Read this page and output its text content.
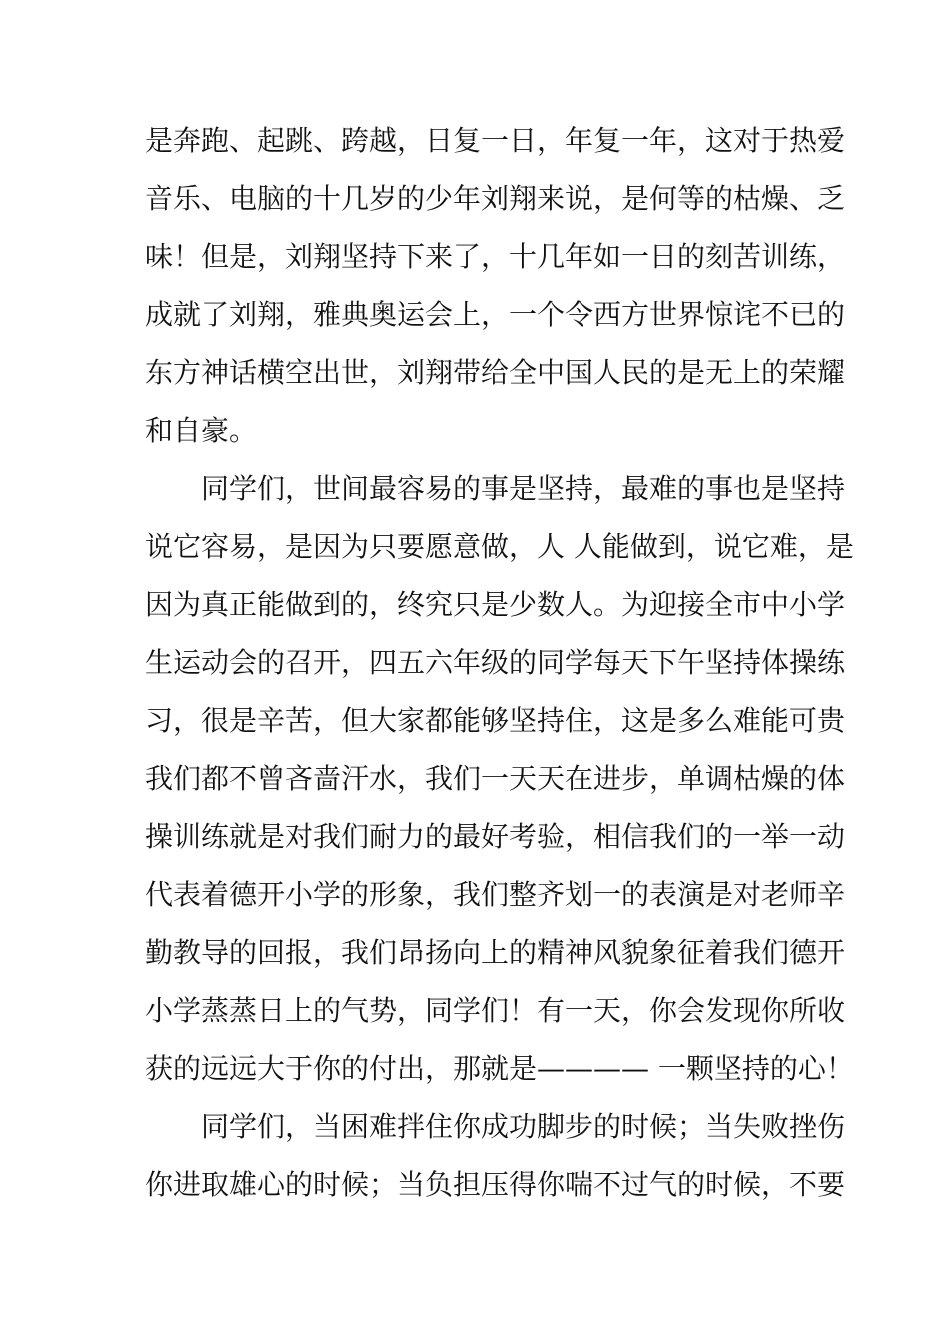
是奔跑、起跳、跨越，日复一日，年复一年，这对于热爱
音乐、电脑的十几岁的少年刘翔来说，是何等的枯燥、乏
味！但是，刘翔坚持下来了，十几年如一日的刻苦训练，
成就了刘翔，雅典奥运会上，一个令西方世界惊诧不已的
东方神话横空出世，刘翔带给全中国人民的是无上的荣耀
和自豪。
　　同学们，世间最容易的事是坚持，最难的事也是坚持
说它容易，是因为只要愿意做，人 人能做到，说它难，是
因为真正能做到的，终究只是少数人。为迎接全市中小学
生运动会的召开，四五六年级的同学每天下午坚持体操练
习，很是辛苦，但大家都能够坚持住，这是多么难能可贵
我们都不曾吝啬汗水，我们一天天在进步，单调枯燥的体
操训练就是对我们耐力的最好考验，相信我们的一举一动
代表着德开小学的形象，我们整齐划一的表演是对老师辛
勤教导的回报，我们昂扬向上的精神风貌象征着我们德开
小学蒸蒸日上的气势，同学们！有一天，你会发现你所收
获的远远大于你的付出，那就是———— 一颗坚持的心！
　　同学们，当困难拌住你成功脚步的时候；当失败挫伤
你进取雄心的时候；当负担压得你喘不过气的时候，不要
